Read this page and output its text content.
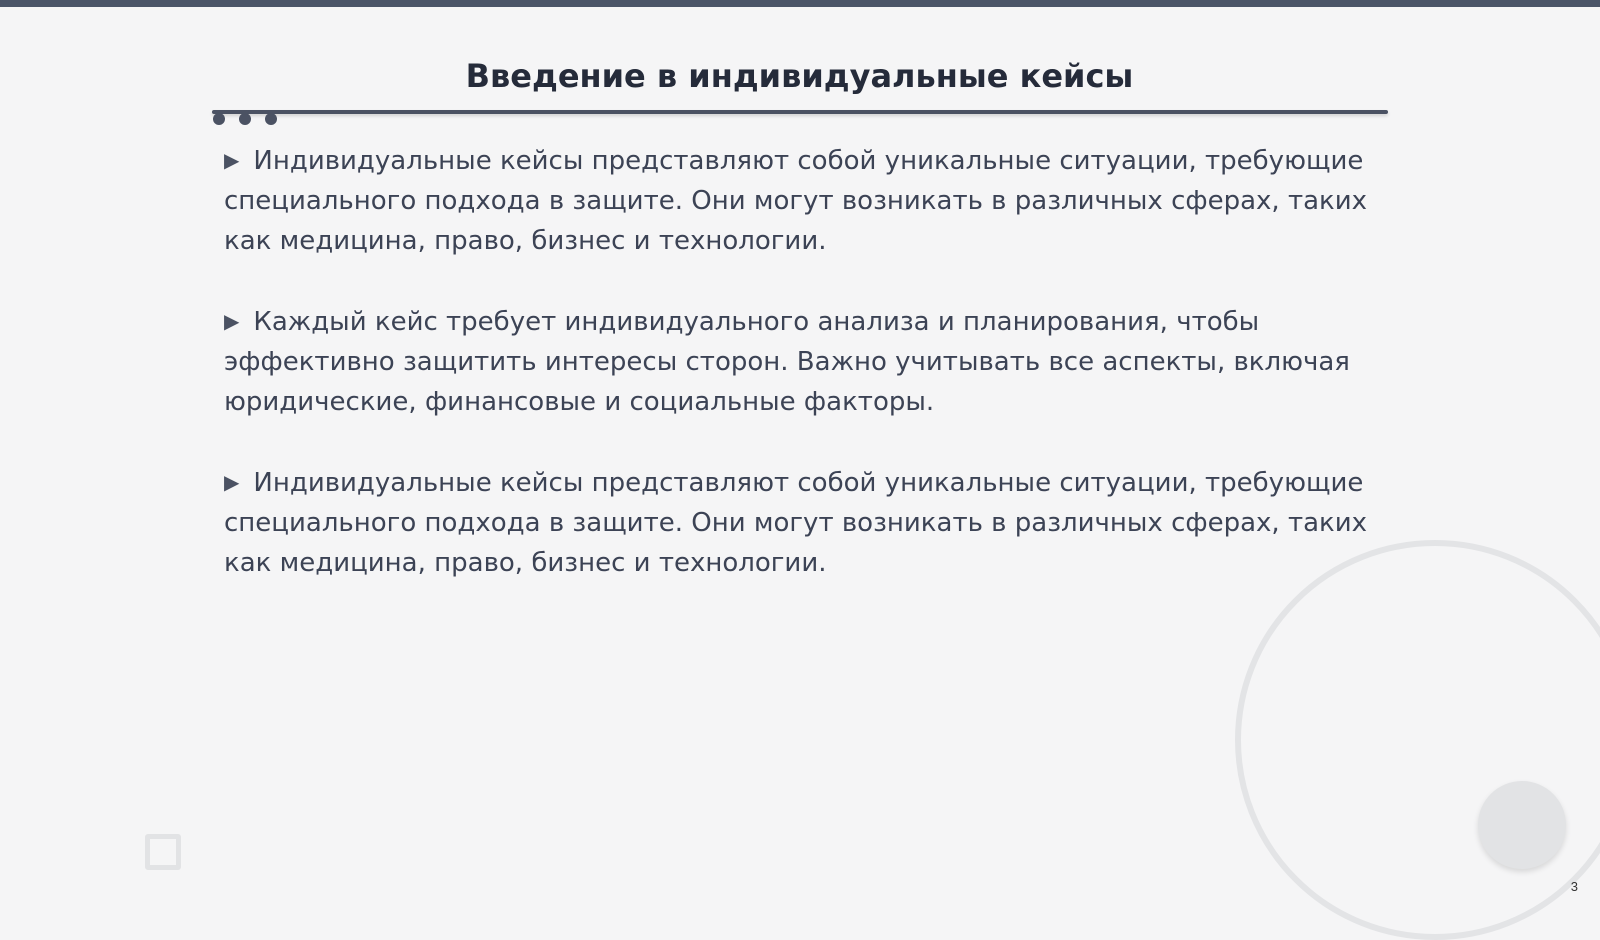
Введение в индивидуальные кейсы

▶ Индивидуальные кейсы представляют собой уникальные ситуации, требующие специального подхода в защите. Они могут возникать в различных сферах, таких как медицина, право, бизнес и технологии.

▶ Каждый кейс требует индивидуального анализа и планирования, чтобы эффективно защитить интересы сторон. Важно учитывать все аспекты, включая юридические, финансовые и социальные факторы.

▶ Индивидуальные кейсы представляют собой уникальные ситуации, требующие специального подхода в защите. Они могут возникать в различных сферах, таких как медицина, право, бизнес и технологии.

3
